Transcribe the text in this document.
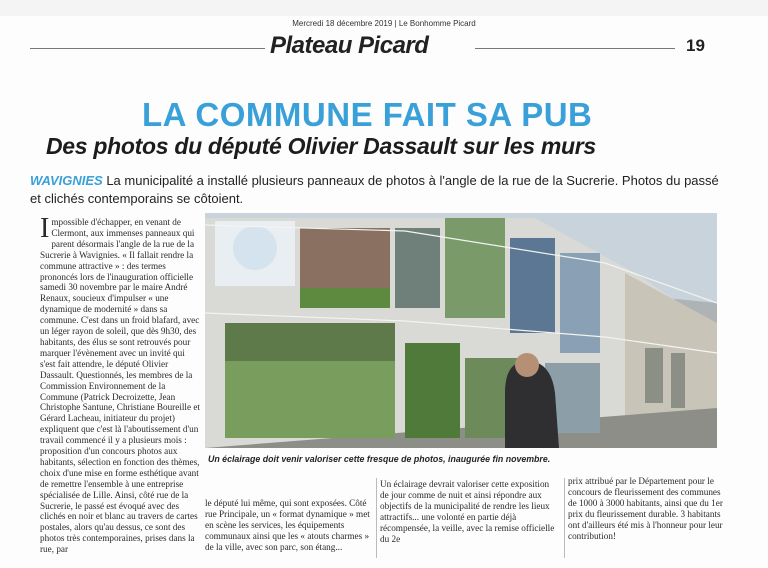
Mercredi 18 décembre 2019 | Le Bonhomme Picard
Plateau Picard	19
LA COMMUNE FAIT SA PUB
Des photos du député Olivier Dassault sur les murs
WAVIGNIES La municipalité a installé plusieurs panneaux de photos à l'angle de la rue de la Sucrerie. Photos du passé et clichés contemporains se côtoient.
Impossible d'échapper, en venant de Clermont, aux immenses panneaux qui parent désormais l'angle de la rue de la Sucrerie à Wavignies. « Il fallait rendre la commune attractive » : des termes prononcés lors de l'inauguration officielle samedi 30 novembre par le maire André Renaux, soucieux d'impulser « une dynamique de modernité » dans sa commune. C'est dans un froid blafard, avec un léger rayon de soleil, que dès 9h30, des habitants, des élus se sont retrouvés pour marquer l'évènement avec un invité qui s'est fait attendre, le député Olivier Dassault. Questionnés, les membres de la Commission Environnement de la Commune (Patrick Decroizette, Jean Christophe Santune, Christiane Boureille et Gérard Lacheau, initiateur du projet) expliquent que c'est là l'aboutissement d'un travail commencé il y a plusieurs mois : proposition d'un concours photos aux habitants, sélection en fonction des thèmes, choix d'une mise en forme esthétique avant de remettre l'ensemble à une entreprise spécialisée de Lille. Ainsi, côté rue de la Sucrerie, le passé est évoqué avec des clichés en noir et blanc au travers de cartes postales, alors qu'au dessus, ce sont des photos très contemporaines, prises dans la rue, par
Un éclairage doit venir valoriser cette fresque de photos, inaugurée fin novembre.
le député lui même, qui sont exposées. Côté rue Principale, un « format dynamique » met en scène les services, les équipements communaux ainsi que les « atouts charmes » de la ville, avec son parc, son étang...
Un éclairage devrait valoriser cette exposition de jour comme de nuit et ainsi répondre aux objectifs de la municipalité de rendre les lieux attractifs... une volonté en partie déjà récompensée, la veille, avec la remise officielle du 2e
prix attribué par le Département pour le concours de fleurissement des communes de 1000 à 3000 habitants, ainsi que du 1er prix du fleurissement durable. 3 habitants ont d'ailleurs été mis à l'honneur pour leur contribution!
